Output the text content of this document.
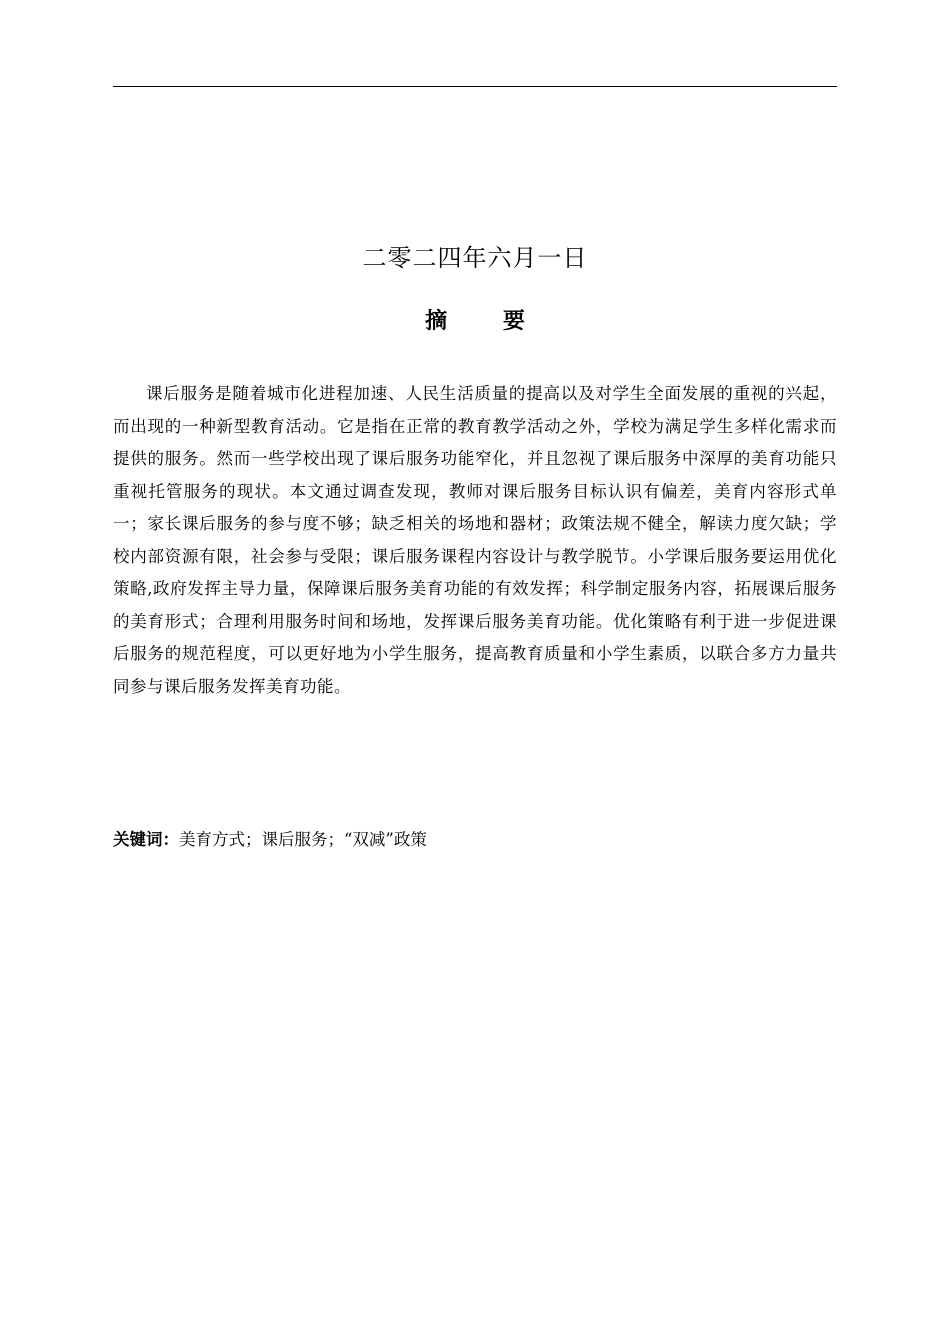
二零二四年六月一日
摘 要

课后服务是随着城市化进程加速、人民生活质量的提高以及对学生全面发展的重视的兴起，而出现的一种新型教育活动。它是指在正常的教育教学活动之外，学校为满足学生多样化需求而提供的服务。然而一些学校出现了课后服务功能窄化，并且忽视了课后服务中深厚的美育功能只重视托管服务的现状。本文通过调查发现，教师对课后服务目标认识有偏差，美育内容形式单一；家长课后服务的参与度不够；缺乏相关的场地和器材；政策法规不健全，解读力度欠缺；学校内部资源有限，社会参与受限；课后服务课程内容设计与教学脱节。小学课后服务要运用优化策略,政府发挥主导力量，保障课后服务美育功能的有效发挥；科学制定服务内容，拓展课后服务的美育形式；合理利用服务时间和场地，发挥课后服务美育功能。优化策略有利于进一步促进课后服务的规范程度，可以更好地为小学生服务，提高教育质量和小学生素质，以联合多方力量共同参与课后服务发挥美育功能。

关键词：美育方式；课后服务；“双减”政策
